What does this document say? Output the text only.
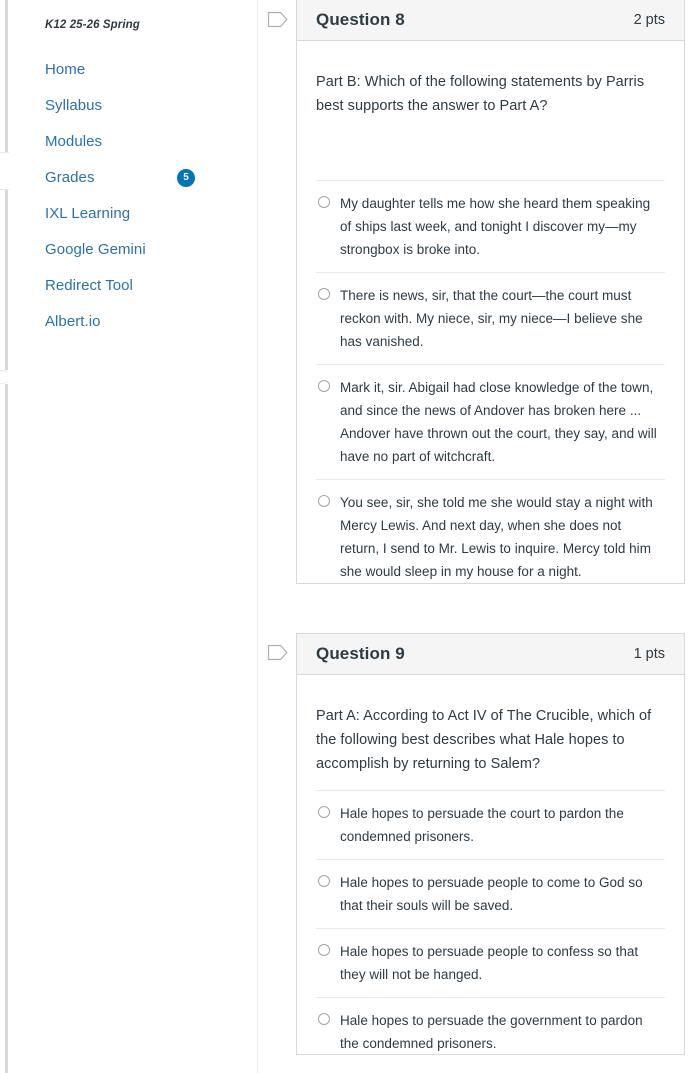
K12 25-26 Spring
Home
Syllabus
Modules
Grades	5
IXL Learning
Google Gemini
Redirect Tool
Albert.io
Question 8	2 pts
Part B: Which of the following statements by Parris best supports the answer to Part A?
My daughter tells me how she heard them speaking of ships last week, and tonight I discover my—my strongbox is broke into.
There is news, sir, that the court—the court must reckon with. My niece, sir, my niece—I believe she has vanished.
Mark it, sir. Abigail had close knowledge of the town, and since the news of Andover has broken here ... Andover have thrown out the court, they say, and will have no part of witchcraft.
You see, sir, she told me she would stay a night with Mercy Lewis. And next day, when she does not return, I send to Mr. Lewis to inquire. Mercy told him she would sleep in my house for a night.
Question 9	1 pts
Part A: According to Act IV of The Crucible, which of the following best describes what Hale hopes to accomplish by returning to Salem?
Hale hopes to persuade the court to pardon the condemned prisoners.
Hale hopes to persuade people to come to God so that their souls will be saved.
Hale hopes to persuade people to confess so that they will not be hanged.
Hale hopes to persuade the government to pardon the condemned prisoners.
